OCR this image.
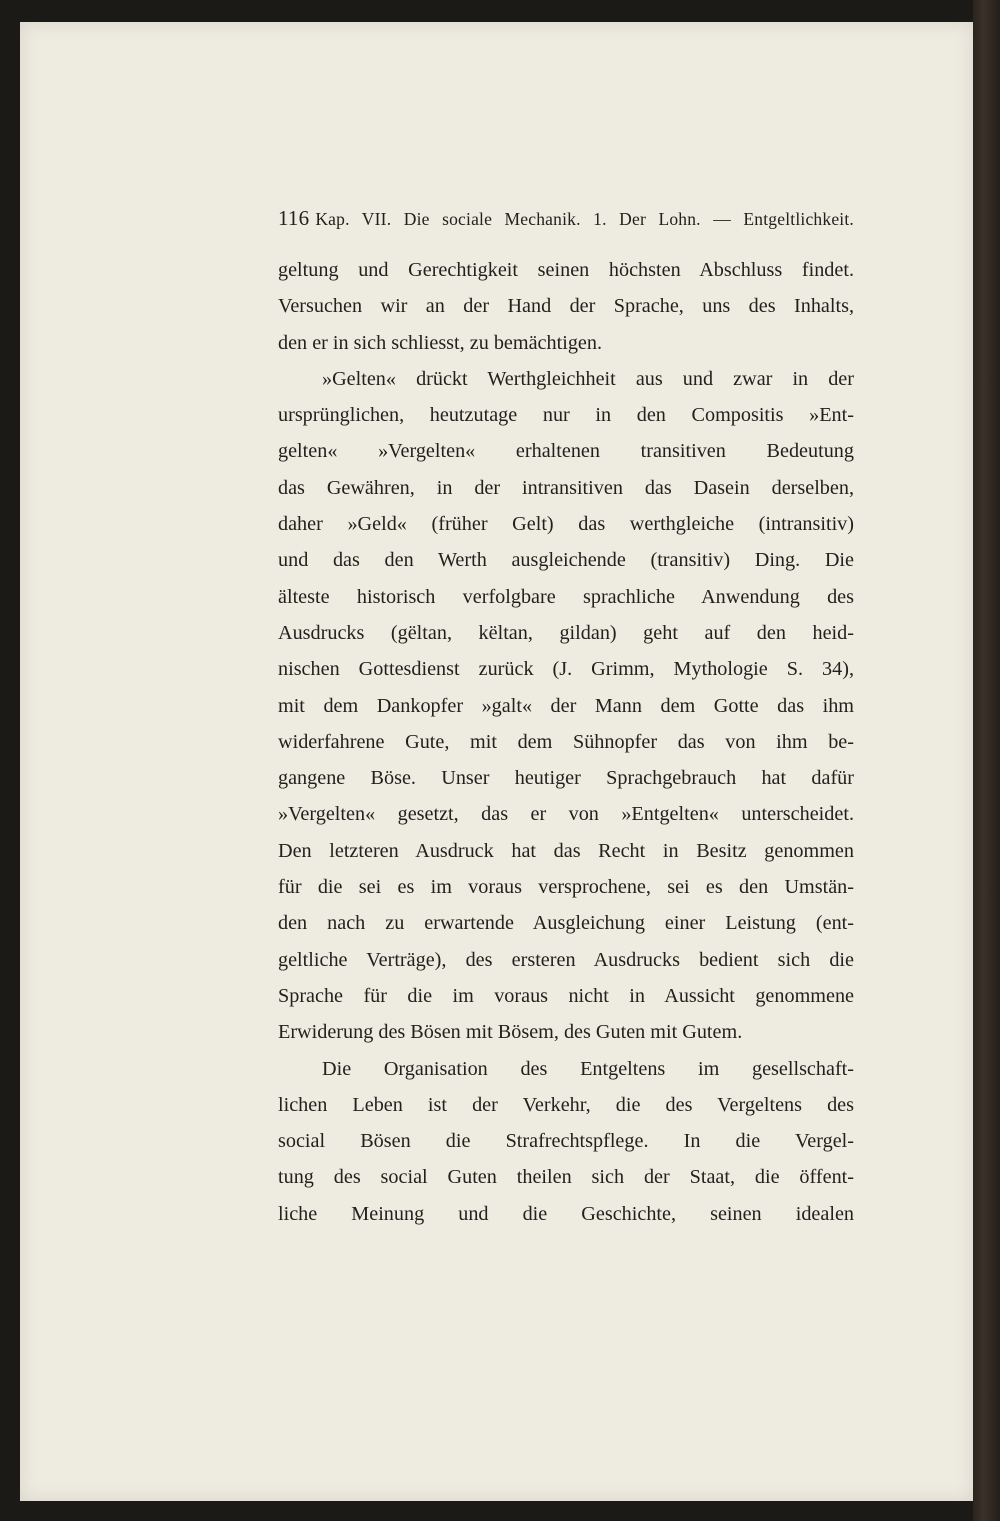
116 Kap. VII. Die sociale Mechanik. 1. Der Lohn. — Entgeltlichkeit.
geltung und Gerechtigkeit seinen höchsten Abschluss findet.
Versuchen wir an der Hand der Sprache, uns des Inhalts,
den er in sich schliesst, zu bemächtigen.
»Gelten« drückt Werthgleichheit aus und zwar in der
ursprünglichen, heutzutage nur in den Compositis »Ent-
gelten« »Vergelten« erhaltenen transitiven Bedeutung
das Gewähren, in der intransitiven das Dasein derselben,
daher »Geld« (früher Gelt) das werthgleiche (intransitiv)
und das den Werth ausgleichende (transitiv) Ding. Die
älteste historisch verfolgbare sprachliche Anwendung des
Ausdrucks (gëltan, këltan, gildan) geht auf den heid-
nischen Gottesdienst zurück (J. Grimm, Mythologie S. 34),
mit dem Dankopfer »galt« der Mann dem Gotte das ihm
widerfahrene Gute, mit dem Sühnopfer das von ihm be-
gangene Böse. Unser heutiger Sprachgebrauch hat dafür
»Vergelten« gesetzt, das er von »Entgelten« unterscheidet.
Den letzteren Ausdruck hat das Recht in Besitz genommen
für die sei es im voraus versprochene, sei es den Umstän-
den nach zu erwartende Ausgleichung einer Leistung (ent-
geltliche Verträge), des ersteren Ausdrucks bedient sich die
Sprache für die im voraus nicht in Aussicht genommene
Erwiderung des Bösen mit Bösem, des Guten mit Gutem.
Die Organisation des Entgeltens im gesellschaft-
lichen Leben ist der Verkehr, die des Vergeltens des
social Bösen die Strafrechtspflege. In die Vergel-
tung des social Guten theilen sich der Staat, die öffent-
liche Meinung und die Geschichte, seinen idealen
